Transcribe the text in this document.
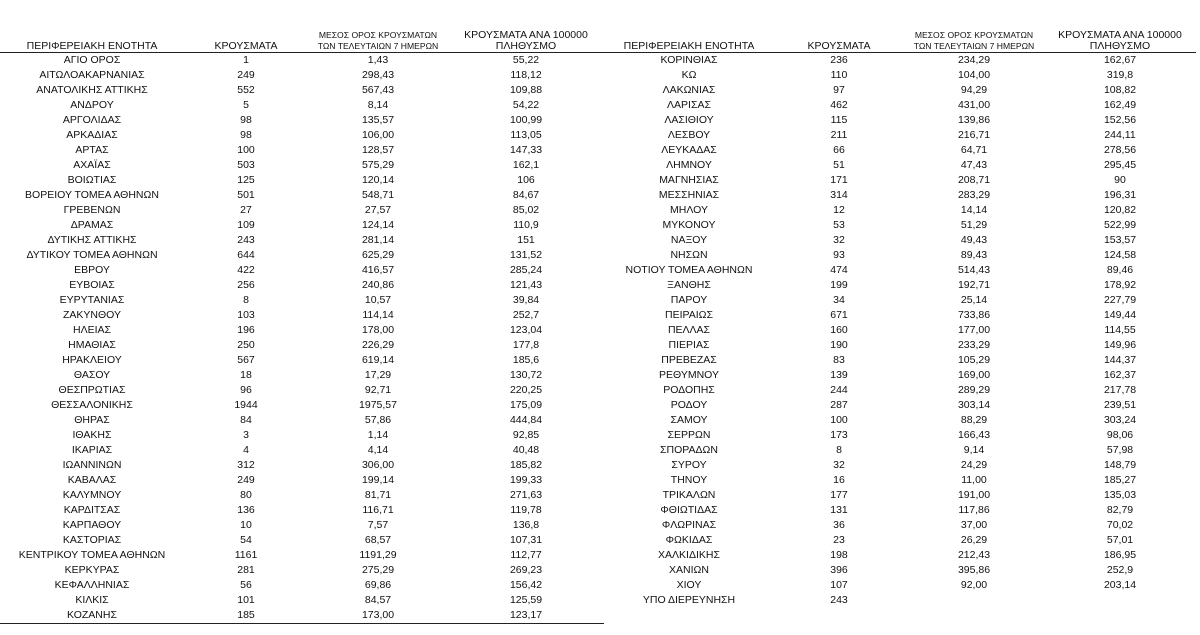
ΠΕΡΙΦΕΡΕΙΑΚΗ ΕΝΟΤΗΤΑ	ΚΡΟΥΣΜΑΤΑ	ΜΕΣΟΣ ΟΡΟΣ ΚΡΟΥΣΜΑΤΩΝ
ΤΩΝ ΤΕΛΕΥΤΑΙΩΝ 7 ΗΜΕΡΩΝ	ΚΡΟΥΣΜΑΤΑ ΑΝΑ 100000
ΠΛΗΘΥΣΜΟ

ΑΓΙΟ ΟΡΟΣ	1	1,43	55,22
ΑΙΤΩΛΟΑΚΑΡΝΑΝΙΑΣ	249	298,43	118,12
ΑΝΑΤΟΛΙΚΗΣ ΑΤΤΙΚΗΣ	552	567,43	109,88
ΑΝΔΡΟΥ	5	8,14	54,22
ΑΡΓΟΛΙΔΑΣ	98	135,57	100,99
ΑΡΚΑΔΙΑΣ	98	106,00	113,05
ΑΡΤΑΣ	100	128,57	147,33
ΑΧΑΪΑΣ	503	575,29	162,1
ΒΟΙΩΤΙΑΣ	125	120,14	106
ΒΟΡΕΙΟΥ ΤΟΜΕΑ ΑΘΗΝΩΝ	501	548,71	84,67
ΓΡΕΒΕΝΩΝ	27	27,57	85,02
ΔΡΑΜΑΣ	109	124,14	110,9
ΔΥΤΙΚΗΣ ΑΤΤΙΚΗΣ	243	281,14	151
ΔΥΤΙΚΟΥ ΤΟΜΕΑ ΑΘΗΝΩΝ	644	625,29	131,52
ΕΒΡΟΥ	422	416,57	285,24
ΕΥΒΟΙΑΣ	256	240,86	121,43
ΕΥΡΥΤΑΝΙΑΣ	8	10,57	39,84
ΖΑΚΥΝΘΟΥ	103	114,14	252,7
ΗΛΕΙΑΣ	196	178,00	123,04
ΗΜΑΘΙΑΣ	250	226,29	177,8
ΗΡΑΚΛΕΙΟΥ	567	619,14	185,6
ΘΑΣΟΥ	18	17,29	130,72
ΘΕΣΠΡΩΤΙΑΣ	96	92,71	220,25
ΘΕΣΣΑΛΟΝΙΚΗΣ	1944	1975,57	175,09
ΘΗΡΑΣ	84	57,86	444,84
ΙΘΑΚΗΣ	3	1,14	92,85
ΙΚΑΡΙΑΣ	4	4,14	40,48
ΙΩΑΝΝΙΝΩΝ	312	306,00	185,82
ΚΑΒΑΛΑΣ	249	199,14	199,33
ΚΑΛΥΜΝΟΥ	80	81,71	271,63
ΚΑΡΔΙΤΣΑΣ	136	116,71	119,78
ΚΑΡΠΑΘΟΥ	10	7,57	136,8
ΚΑΣΤΟΡΙΑΣ	54	68,57	107,31
ΚΕΝΤΡΙΚΟΥ ΤΟΜΕΑ ΑΘΗΝΩΝ	1161	1191,29	112,77
ΚΕΡΚΥΡΑΣ	281	275,29	269,23
ΚΕΦΑΛΛΗΝΙΑΣ	56	69,86	156,42
ΚΙΛΚΙΣ	101	84,57	125,59
ΚΟΖΑΝΗΣ	185	173,00	123,17
ΠΕΡΙΦΕΡΕΙΑΚΗ ΕΝΟΤΗΤΑ	ΚΡΟΥΣΜΑΤΑ	ΜΕΣΟΣ ΟΡΟΣ ΚΡΟΥΣΜΑΤΩΝ
ΤΩΝ ΤΕΛΕΥΤΑΙΩΝ 7 ΗΜΕΡΩΝ	ΚΡΟΥΣΜΑΤΑ ΑΝΑ 100000
ΠΛΗΘΥΣΜΟ

ΚΟΡΙΝΘΙΑΣ	236	234,29	162,67
ΚΩ	110	104,00	319,8
ΛΑΚΩΝΙΑΣ	97	94,29	108,82
ΛΑΡΙΣΑΣ	462	431,00	162,49
ΛΑΣΙΘΙΟΥ	115	139,86	152,56
ΛΕΣΒΟΥ	211	216,71	244,11
ΛΕΥΚΑΔΑΣ	66	64,71	278,56
ΛΗΜΝΟΥ	51	47,43	295,45
ΜΑΓΝΗΣΙΑΣ	171	208,71	90
ΜΕΣΣΗΝΙΑΣ	314	283,29	196,31
ΜΗΛΟΥ	12	14,14	120,82
ΜΥΚΟΝΟΥ	53	51,29	522,99
ΝΑΞΟΥ	32	49,43	153,57
ΝΗΣΩΝ	93	89,43	124,58
ΝΟΤΙΟΥ ΤΟΜΕΑ ΑΘΗΝΩΝ	474	514,43	89,46
ΞΑΝΘΗΣ	199	192,71	178,92
ΠΑΡΟΥ	34	25,14	227,79
ΠΕΙΡΑΙΩΣ	671	733,86	149,44
ΠΕΛΛΑΣ	160	177,00	114,55
ΠΙΕΡΙΑΣ	190	233,29	149,96
ΠΡΕΒΕΖΑΣ	83	105,29	144,37
ΡΕΘΥΜΝΟΥ	139	169,00	162,37
ΡΟΔΟΠΗΣ	244	289,29	217,78
ΡΟΔΟΥ	287	303,14	239,51
ΣΑΜΟΥ	100	88,29	303,24
ΣΕΡΡΩΝ	173	166,43	98,06
ΣΠΟΡΑΔΩΝ	8	9,14	57,98
ΣΥΡΟΥ	32	24,29	148,79
ΤΗΝΟΥ	16	11,00	185,27
ΤΡΙΚΑΛΩΝ	177	191,00	135,03
ΦΘΙΩΤΙΔΑΣ	131	117,86	82,79
ΦΛΩΡΙΝΑΣ	36	37,00	70,02
ΦΩΚΙΔΑΣ	23	26,29	57,01
ΧΑΛΚΙΔΙΚΗΣ	198	212,43	186,95
ΧΑΝΙΩΝ	396	395,86	252,9
ΧΙΟΥ	107	92,00	203,14
ΥΠΟ ΔΙΕΡΕΥΝΗΣΗ	243		
